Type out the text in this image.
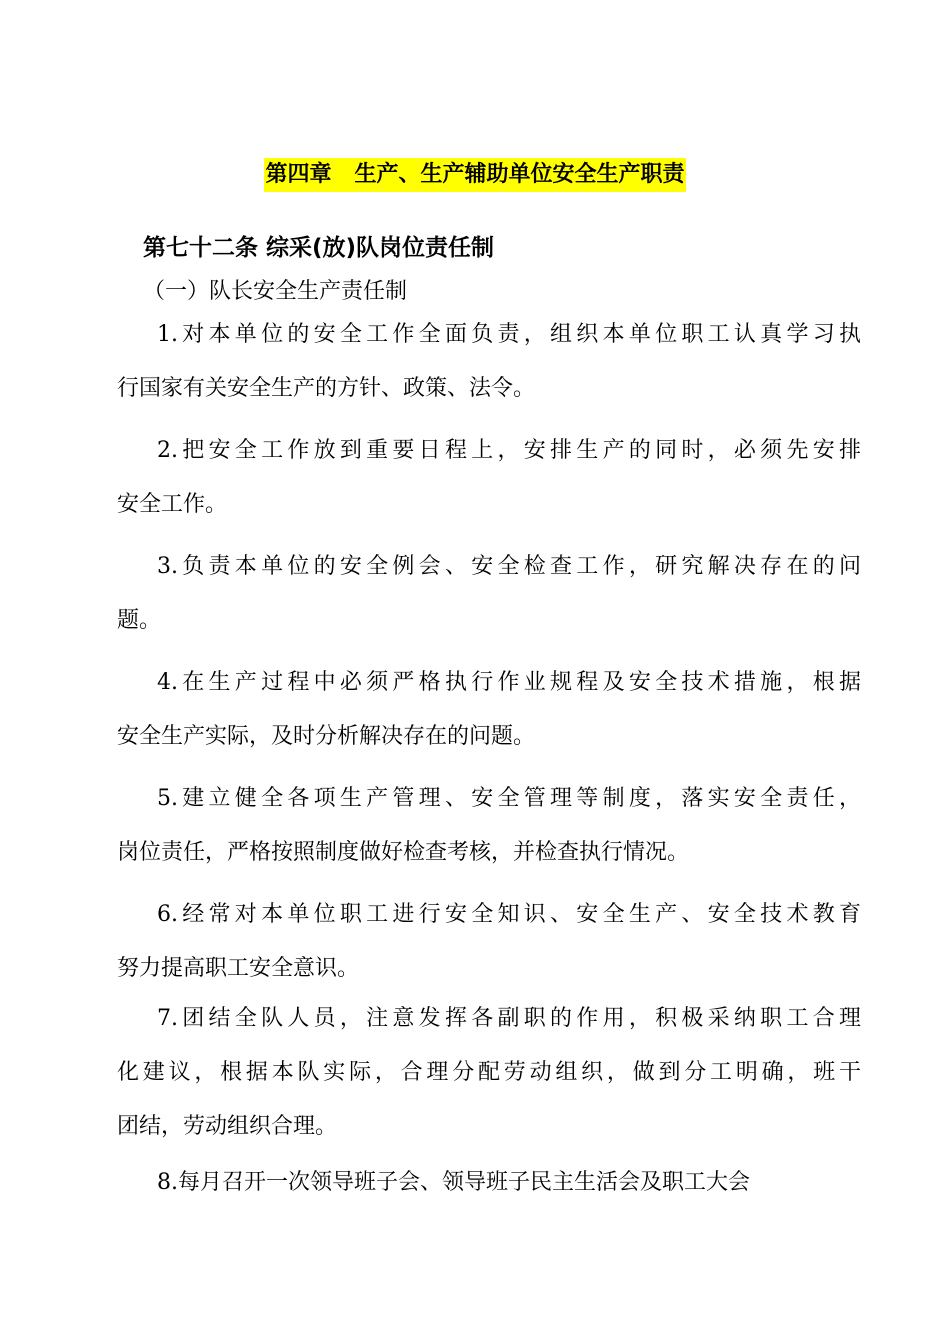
第四章   生产、生产辅助单位安全生产职责
第七十二条 综采(放)队岗位责任制
（一）队长安全生产责任制
1.对本单位的安全工作全面负责，组织本单位职工认真学习执
行国家有关安全生产的方针、政策、法令。
2.把安全工作放到重要日程上，安排生产的同时，必须先安排
安全工作。
3.负责本单位的安全例会、安全检查工作，研究解决存在的问
题。
4.在生产过程中必须严格执行作业规程及安全技术措施，根据
安全生产实际，及时分析解决存在的问题。
5.建立健全各项生产管理、安全管理等制度，落实安全责任，
岗位责任，严格按照制度做好检查考核，并检查执行情况。
6.经常对本单位职工进行安全知识、安全生产、安全技术教育
努力提高职工安全意识。
7.团结全队人员，注意发挥各副职的作用，积极采纳职工合理
化建议，根据本队实际，合理分配劳动组织，做到分工明确，班干
团结，劳动组织合理。
8.每月召开一次领导班子会、领导班子民主生活会及职工大会
